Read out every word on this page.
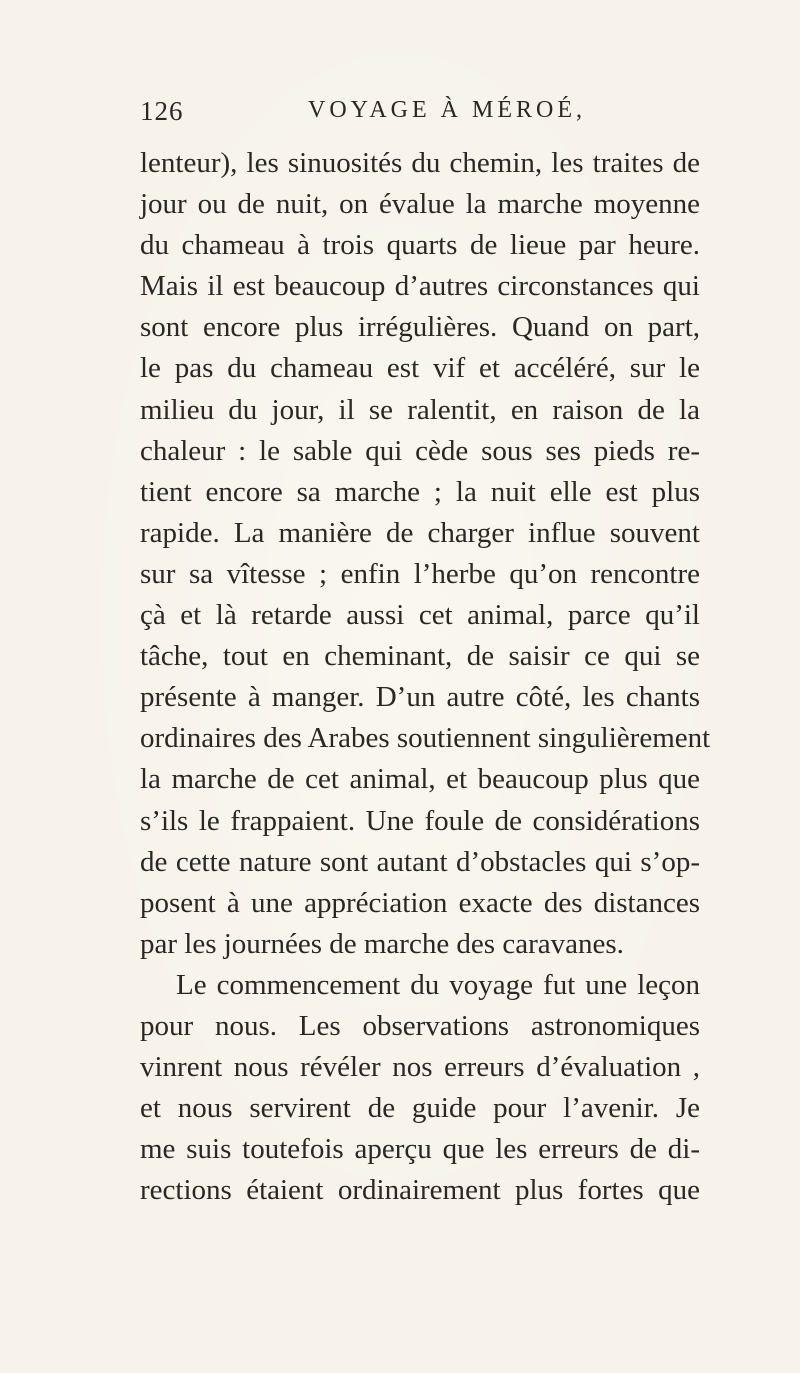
126	VOYAGE À MÉROÉ,
lenteur), les sinuosités du chemin, les traites de
jour ou de nuit, on évalue la marche moyenne
du chameau à trois quarts de lieue par heure.
Mais il est beaucoup d’autres circonstances qui
sont encore plus irrégulières. Quand on part,
le pas du chameau est vif et accéléré, sur le
milieu du jour, il se ralentit, en raison de la
chaleur : le sable qui cède sous ses pieds re-
tient encore sa marche ; la nuit elle est plus
rapide. La manière de charger influe souvent
sur sa vîtesse ; enfin l’herbe qu’on rencontre
çà et là retarde aussi cet animal, parce qu’il
tâche, tout en cheminant, de saisir ce qui se
présente à manger. D’un autre côté, les chants
ordinaires des Arabes soutiennent singulièrement
la marche de cet animal, et beaucoup plus que
s’ils le frappaient. Une foule de considérations
de cette nature sont autant d’obstacles qui s’op-
posent à une appréciation exacte des distances
par les journées de marche des caravanes.
Le commencement du voyage fut une leçon
pour nous. Les observations astronomiques
vinrent nous révéler nos erreurs d’évaluation ,
et nous servirent de guide pour l’avenir. Je
me suis toutefois aperçu que les erreurs de di-
rections étaient ordinairement plus fortes que
